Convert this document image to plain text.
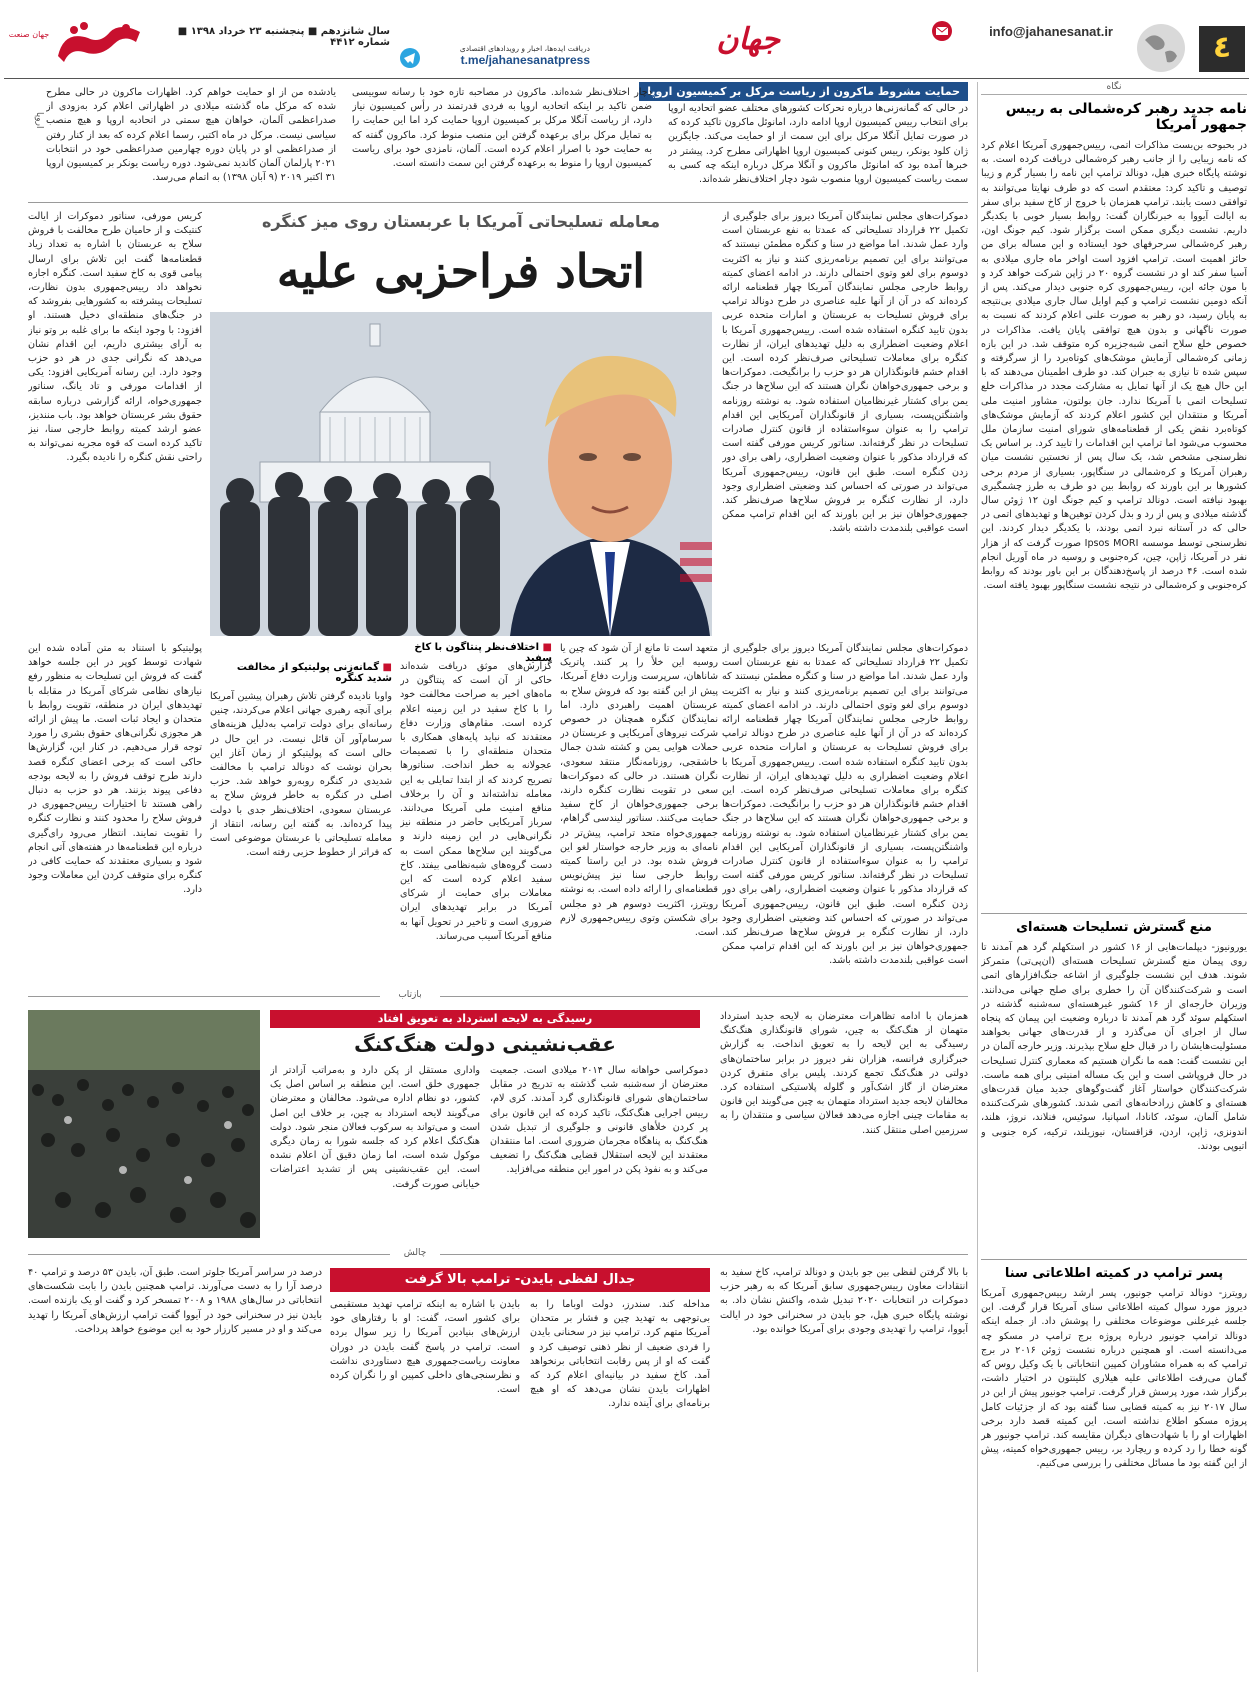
٤
info@jahanesanat.ir
جهان
دریافت ایده‌ها، اخبار و رویدادهای اقتصادی
t.me/jahanesanatpress
سال شانزدهم ■ پنجشنبه ۲۳ خرداد ۱۳۹۸ ■ شماره ۴۴۱۲
جهان صنعت
نگاه
نامه جدید رهبر کره‌شمالی به رییس جمهور آمریکا
در بحبوحه بن‌بست مذاکرات اتمی، رییس‌جمهوری آمریکا اعلام کرد که نامه زیبایی را از جانب رهبر کره‌شمالی دریافت کرده است. به نوشته پایگاه خبری هیل، دونالد ترامپ این نامه را بسیار گرم و زیبا توصیف و تاکید کرد: معتقدم است که دو طرف نهایتا می‌توانند به توافقی دست یابند. ترامپ همزمان با خروج از کاخ سفید برای سفر به ایالت آیووا به خبرنگاران گفت: روابط بسیار خوبی با یکدیگر داریم. نشست دیگری ممکن است برگزار شود. کیم جونگ اون، رهبر کره‌شمالی سرحرفهای خود ایستاده و این مساله برای من حائز اهمیت است. ترامپ افزود است اواخر ماه جاری میلادی به آسیا سفر کند او در نشست گروه ۲۰ در ژاپن شرکت خواهد کرد و با مون جائه این، رییس‌جمهوری کره جنوبی دیدار می‌کند. پس از آنکه دومین نشست ترامپ و کیم اوایل سال جاری میلادی بی‌نتیجه به پایان رسید، دو رهبر به صورت علنی اعلام کردند که نسبت به صورت ناگهانی و بدون هیچ توافقی پایان یافت. مذاکرات در خصوص خلع سلاح اتمی شبه‌جزیره کره متوقف شد. در این بازه زمانی کره‌شمالی آزمایش موشک‌های کوتاه‌برد را از سرگرفته و سپس شده تا نیازی به جبران کند. دو طرف اطمینان می‌دهند که با این حال هیچ یک از آنها تمایل به مشارکت مجدد در مذاکرات خلع تسلیحات اتمی با آمریکا ندارد. جان بولتون، مشاور امنیت ملی آمریکا و منتقدان این کشور اعلام کردند که آزمایش موشک‌های کوتاه‌برد نقض یکی از قطعنامه‌های شورای امنیت سازمان ملل محسوب می‌شود اما ترامپ این اقدامات را تایید کرد. بر اساس یک نظرسنجی مشخص شد، یک سال پس از نخستین نشست میان رهبران آمریکا و کره‌شمالی در سنگاپور، بسیاری از مردم برخی کشورها بر این باورند که روابط بین دو طرف به طرز چشمگیری بهبود نیافته است. دونالد ترامپ و کیم جونگ اون ۱۲ ژوئن سال گذشته میلادی و پس از رد و بدل کردن توهین‌ها و تهدیدهای اتمی در حالی که در آستانه نبرد اتمی بودند، با یکدیگر دیدار کردند. این نظرسنجی توسط موسسه Ipsos MORI صورت گرفت که از هزار نفر در آمریکا، ژاپن، چین، کره‌جنوبی و روسیه در ماه آوریل انجام شده است. ۴۶ درصد از پاسخ‌دهندگان بر این باور بودند که روابط کره‌جنوبی و کره‌شمالی در نتیجه نشست سنگاپور بهبود یافته است.
منع گسترش تسلیحات هسته‌ای
یورونیوز- دیپلمات‌هایی از ۱۶ کشور در استکهلم گرد هم آمدند تا روی پیمان منع گسترش تسلیحات هسته‌ای (ان‌پی‌تی) متمرکز شوند. هدف این نشست جلوگیری از اشاعه جنگ‌افزارهای اتمی است و شرکت‌کنندگان آن را خطری برای صلح جهانی می‌دانند. وزیران خارجه‌ای از ۱۶ کشور غیرهسته‌ای سه‌شنبه گذشته در استکهلم سوئد گرد هم آمدند تا درباره وضعیت این پیمان که پنجاه سال از اجرای آن می‌گذرد و از قدرت‌های جهانی بخواهند مسئولیت‌هایشان را در قبال خلع سلاح بپذیرند. وزیر خارجه آلمان در این نشست گفت: همه ما نگران هستیم که معماری کنترل تسلیحات در حال فروپاشی است و این یک مساله امنیتی برای همه ماست. شرکت‌کنندگان خواستار آغاز گفت‌وگوهای جدید میان قدرت‌های هسته‌ای و کاهش زرادخانه‌های اتمی شدند. کشورهای شرکت‌کننده شامل آلمان، سوئد، کانادا، اسپانیا، سوئیس، فنلاند، نروژ، هلند، اندونزی، ژاپن، اردن، قزاقستان، نیوزیلند، ترکیه، کره جنوبی و اتیوپی بودند.
پسر ترامپ در کمیته اطلاعاتی سنا
رویترز- دونالد ترامپ جونیور، پسر ارشد رییس‌جمهوری آمریکا دیروز مورد سوال کمیته اطلاعاتی سنای آمریکا قرار گرفت. این جلسه غیرعلنی موضوعات مختلفی را پوشش داد. از جمله اینکه دونالد ترامپ جونیور درباره پروژه برج ترامپ در مسکو چه می‌دانسته است. او همچنین درباره نشست ژوئن ۲۰۱۶ در برج ترامپ که به همراه مشاوران کمپین انتخاباتی با یک وکیل روس که گمان می‌رفت اطلاعاتی علیه هیلاری کلینتون در اختیار داشت، برگزار شد، مورد پرسش قرار گرفت. ترامپ جونیور پیش از این در سال ۲۰۱۷ نیز به کمیته قضایی سنا گفته بود که از جزئیات کامل پروژه مسکو اطلاع نداشته است. این کمیته قصد دارد برخی اظهارات او را با شهادت‌های دیگران مقایسه کند. ترامپ جونیور هر گونه خطا را رد کرده و ریچارد بر، رییس جمهوری‌خواه کمیته، پیش از این گفته بود ما مسائل مختلفی را بررسی می‌کنیم.
حمایت مشروط ماکرون از ریاست مرکل بر کمیسیون اروپا
در حالی که گمانه‌زنی‌ها درباره تحرکات کشورهای مختلف عضو اتحادیه اروپا برای انتخاب رییس کمیسیون اروپا ادامه دارد، امانوئل ماکرون تاکید کرده که در صورت تمایل آنگلا مرکل برای این سمت از او حمایت می‌کند. جایگزین ژان کلود یونکر، رییس کنونی کمیسیون اروپا اظهاراتی مطرح کرد. پیشتر در خبرها آمده بود که امانوئل ماکرون و آنگلا مرکل درباره اینکه چه کسی به سمت ریاست کمیسیون اروپا منصوب شود دچار اختلاف‌نظر شده‌اند.
دچار اختلاف‌نظر شده‌اند. ماکرون در مصاحبه تازه خود با رسانه سوییسی ضمن تاکید بر اینکه اتحادیه اروپا به فردی قدرتمند در رأس کمیسیون نیاز دارد، از ریاست آنگلا مرکل بر کمیسیون اروپا حمایت کرد اما این حمایت را به تمایل مرکل برای برعهده گرفتن این منصب منوط کرد. ماکرون گفته که به حمایت خود با اصرار اعلام کرده است. آلمان، نامزدی خود برای ریاست کمیسیون اروپا را منوط به برعهده گرفتن این سمت دانسته است.
یادشده من از او حمایت خواهم کرد. اظهارات ماکرون در حالی مطرح شده که مرکل ماه گذشته میلادی در اظهاراتی اعلام کرد به‌زودی از صدراعظمی آلمان، خواهان هیچ سمتی در اتحادیه اروپا و هیچ منصب سیاسی نیست. مرکل در ماه اکتبر، رسما اعلام کرده که بعد از کنار رفتن از صدراعظمی او در پایان دوره چهارمین صدراعظمی خود در انتخابات ۲۰۲۱ پارلمان آلمان کاندید نمی‌شود. دوره ریاست یونکر بر کمیسیون اروپا ۳۱ اکتبر ۲۰۱۹ (۹ آبان ۱۳۹۸) به اتمام می‌رسد.
اروپا
دموکرات‌های مجلس نمایندگان آمریکا دیروز برای جلوگیری از تکمیل ۲۲ قرارداد تسلیحاتی که عمدتا به نفع عربستان است وارد عمل شدند. اما مواضع در سنا و کنگره مطمئن نیستند که می‌توانند برای این تصمیم برنامه‌ریزی کنند و نیاز به اکثریت دوسوم برای لغو وتوی احتمالی دارند. در ادامه اعضای کمیته روابط خارجی مجلس نمایندگان آمریکا چهار قطعنامه ارائه کرده‌اند که در آن از آنها علیه عناصری در طرح دونالد ترامپ برای فروش تسلیحات به عربستان و امارات متحده عربی بدون تایید کنگره استفاده شده است. رییس‌جمهوری آمریکا با اعلام وضعیت اضطراری به دلیل تهدیدهای ایران، از نظارت کنگره برای معاملات تسلیحاتی صرف‌نظر کرده است. این اقدام خشم قانونگذاران هر دو حزب را برانگیخت. دموکرات‌ها و برخی جمهوری‌خواهان نگران هستند که این سلاح‌ها در جنگ یمن برای کشتار غیرنظامیان استفاده شود. به نوشته روزنامه واشنگتن‌پست، بسیاری از قانونگذاران آمریکایی این اقدام ترامپ را به عنوان سوءاستفاده از قانون کنترل صادرات تسلیحات در نظر گرفته‌اند. سناتور کریس مورفی گفته است که قرارداد مذکور با عنوان وضعیت اضطراری، راهی برای دور زدن کنگره است. طبق این قانون، رییس‌جمهوری آمریکا می‌تواند در صورتی که احساس کند وضعیتی اضطراری وجود دارد، از نظارت کنگره بر فروش سلاح‌ها صرف‌نظر کند. جمهوری‌خواهان نیز بر این باورند که این اقدام ترامپ ممکن است عواقبی بلندمدت داشته باشد.
معامله تسلیحاتی آمریکا با عربستان روی میز کنگره
اتحاد فراحزبی علیه
کریس مورفی، سناتور دموکرات از ایالت کنتیکت و از حامیان طرح مخالفت با فروش سلاح به عربستان با اشاره به تعداد زیاد قطعنامه‌ها گفت این تلاش برای ارسال پیامی قوی به کاخ سفید است. کنگره اجازه نخواهد داد رییس‌جمهوری بدون نظارت، تسلیحات پیشرفته به کشورهایی بفروشد که در جنگ‌های منطقه‌ای دخیل هستند. او افزود: با وجود اینکه ما برای غلبه بر وتو نیاز به آرای بیشتری داریم، این اقدام نشان می‌دهد که نگرانی جدی در هر دو حزب وجود دارد. این رسانه آمریکایی افزود: یکی از اقدامات مورفی و تاد یانگ، سناتور جمهوری‌خواه، ارائه گزارشی درباره سابقه حقوق بشر عربستان خواهد بود. باب مننديز، عضو ارشد کمیته روابط خارجی سنا، نیز تاکید کرده است که قوه مجریه نمی‌تواند به راحتی نقش کنگره را نادیده بگیرد.
متعهد است تا مانع از آن شود که چین یا روسیه این خلأ را پر کنند. پاتریک شاناهان، سرپرست وزارت دفاع آمریکا، پیش از این گفته بود که فروش سلاح به عربستان اهمیت راهبردی دارد. اما نمایندگان کنگره همچنان در خصوص شرکت نیروهای آمریکایی و عربستان در حملات هوایی یمن و کشته شدن جمال خاشقجی، روزنامه‌نگار منتقد سعودی، نگران هستند. در حالی که دموکرات‌ها سعی در تقویت نظارت کنگره دارند، برخی جمهوری‌خواهان از کاخ سفید حمایت می‌کنند. سناتور لیندسی گراهام، جمهوری‌خواه متحد ترامپ، پیش‌تر در نامه‌ای به وزیر خارجه خواستار لغو این فروش شده بود. در این راستا کمیته روابط خارجی سنا نیز پیش‌نویس قطعنامه‌ای را ارائه داده است. به نوشته رویترز، اکثریت دوسوم هر دو مجلس برای شکستن وتوی رییس‌جمهوری لازم است.
■ اختلاف‌نظر پنتاگون با کاخ سفید
گزارش‌های موثق دریافت شده‌اند حاکی از آن است که پنتاگون در ماه‌های اخیر به صراحت مخالفت خود را با کاخ سفید در این زمینه اعلام کرده است. مقام‌های وزارت دفاع معتقدند که نباید پایه‌های همکاری با متحدان منطقه‌ای را با تصمیمات عجولانه به خطر انداخت. سناتورها تصریح کردند که از ابتدا تمایلی به این معامله نداشته‌اند و آن را برخلاف منافع امنیت ملی آمریکا می‌دانند. سرباز آمریکایی حاضر در منطقه نیز نگرانی‌هایی در این زمینه دارند و می‌گویند این سلاح‌ها ممکن است به دست گروه‌های شبه‌نظامی بیفتد. کاخ سفید اعلام کرده است که این معاملات برای حمایت از شرکای آمریکا در برابر تهدیدهای ایران ضروری است و تاخیر در تحویل آنها به منافع آمریکا آسیب می‌رساند.
■ گمانه‌زنی پولیتیکو از مخالفت شدید کنگره
واوبا نادیده گرفتن تلاش رهبران پیشین آمریکا برای آنچه رهبری جهانی اعلام می‌کردند، چنین رسانه‌ای برای دولت ترامپ به‌دلیل هزینه‌های سرسام‌آور آن قائل نیست. در این حال در حالی است که پولیتیکو از زمان آغاز این بحران نوشت که دونالد ترامپ با مخالفت شدیدی در کنگره روبه‌رو خواهد شد. حزب اصلی در کنگره به خاطر فروش سلاح به عربستان سعودی، اختلاف‌نظر جدی با دولت پیدا کرده‌اند. به گفته این رسانه، انتقاد از معامله تسلیحاتی با عربستان موضوعی است که فراتر از خطوط حزبی رفته است.
پولیتیکو با استناد به متن آماده شده این شهادت توسط کوپر در این جلسه خواهد گفت که فروش این تسلیحات به منظور رفع نیازهای نظامی شرکای آمریکا در مقابله با تهدیدهای ایران در منطقه، تقویت روابط با متحدان و ایجاد ثبات است. ما پیش از ارائه هر مجوزی نگرانی‌های حقوق بشری را مورد توجه قرار می‌دهیم. در کنار این، گزارش‌ها حاکی است که برخی اعضای کنگره قصد دارند طرح توقف فروش را به لایحه بودجه دفاعی پیوند بزنند. هر دو حزب به دنبال راهی هستند تا اختیارات رییس‌جمهوری در فروش سلاح را محدود کنند و نظارت کنگره را تقویت نمایند. انتظار می‌رود رای‌گیری درباره این قطعنامه‌ها در هفته‌های آتی انجام شود و بسیاری معتقدند که حمایت کافی در کنگره برای متوقف کردن این معاملات وجود دارد.
دموکرات‌های مجلس نمایندگان آمریکا دیروز برای جلوگیری از تکمیل ۲۲ قرارداد تسلیحاتی که عمدتا به نفع عربستان است وارد عمل شدند. اما مواضع در سنا و کنگره مطمئن نیستند که می‌توانند برای این تصمیم برنامه‌ریزی کنند و نیاز به اکثریت دوسوم برای لغو وتوی احتمالی دارند. در ادامه اعضای کمیته روابط خارجی مجلس نمایندگان آمریکا چهار قطعنامه ارائه کرده‌اند که در آن از آنها علیه عناصری در طرح دونالد ترامپ برای فروش تسلیحات به عربستان و امارات متحده عربی بدون تایید کنگره استفاده شده است. رییس‌جمهوری آمریکا با اعلام وضعیت اضطراری به دلیل تهدیدهای ایران، از نظارت کنگره برای معاملات تسلیحاتی صرف‌نظر کرده است. این اقدام خشم قانونگذاران هر دو حزب را برانگیخت. دموکرات‌ها و برخی جمهوری‌خواهان نگران هستند که این سلاح‌ها در جنگ یمن برای کشتار غیرنظامیان استفاده شود. به نوشته روزنامه واشنگتن‌پست، بسیاری از قانونگذاران آمریکایی این اقدام ترامپ را به عنوان سوءاستفاده از قانون کنترل صادرات تسلیحات در نظر گرفته‌اند. سناتور کریس مورفی گفته است که قرارداد مذکور با عنوان وضعیت اضطراری، راهی برای دور زدن کنگره است. طبق این قانون، رییس‌جمهوری آمریکا می‌تواند در صورتی که احساس کند وضعیتی اضطراری وجود دارد، از نظارت کنگره بر فروش سلاح‌ها صرف‌نظر کند. جمهوری‌خواهان نیز بر این باورند که این اقدام ترامپ ممکن است عواقبی بلندمدت داشته باشد.
بازتاب
رسیدگی به لایحه استرداد به تعویق افتاد
عقب‌نشینی دولت هنگ‌کنگ
همزمان با ادامه تظاهرات معترضان به لایحه جدید استرداد متهمان از هنگ‌کنگ به چین، شورای قانونگذاری هنگ‌کنگ رسیدگی به این لایحه را به تعویق انداخت. به گزارش خبرگزاری فرانسه، هزاران نفر دیروز در برابر ساختمان‌های دولتی در هنگ‌کنگ تجمع کردند. پلیس برای متفرق کردن معترضان از گاز اشک‌آور و گلوله پلاستیکی استفاده کرد. مخالفان لایحه جدید استرداد متهمان به چین می‌گویند این قانون به مقامات چینی اجازه می‌دهد فعالان سیاسی و منتقدان را به سرزمین اصلی منتقل کنند.
دموکراسی خواهانه سال ۲۰۱۴ میلادی است. جمعیت معترضان از سه‌شنبه شب گذشته به تدریج در مقابل ساختمان‌های شورای قانونگذاری گرد آمدند. کری لام، رییس اجرایی هنگ‌کنگ، تاکید کرده که این قانون برای پر کردن خلأهای قانونی و جلوگیری از تبدیل شدن هنگ‌کنگ به پناهگاه مجرمان ضروری است. اما منتقدان معتقدند این لایحه استقلال قضایی هنگ‌کنگ را تضعیف می‌کند و به نفوذ پکن در امور این منطقه می‌افزاید.
واداری مستقل از پکن دارد و به‌مراتب آزادتر از جمهوری خلق است. این منطقه بر اساس اصل یک کشور، دو نظام اداره می‌شود. مخالفان و معترضان می‌گویند لایحه استرداد به چین، بر خلاف این اصل است و می‌تواند به سرکوب فعالان منجر شود. دولت هنگ‌کنگ اعلام کرد که جلسه شورا به زمان دیگری موکول شده است، اما زمان دقیق آن اعلام نشده است. این عقب‌نشینی پس از تشدید اعتراضات خیابانی صورت گرفت.
چالش
با بالا گرفتن لفظی بین جو بایدن و دونالد ترامپ، کاخ سفید به انتقادات معاون رییس‌جمهوری سابق آمریکا که به رهبر حزب دموکرات در انتخابات ۲۰۲۰ تبدیل شده، واکنش نشان داد. به نوشته پایگاه خبری هیل، جو بایدن در سخنرانی خود در ایالت آیووا، ترامپ را تهدیدی وجودی برای آمریکا خوانده بود.
جدال لفظی بایدن- ترامپ بالا گرفت
مداخله کند. سندرز، دولت اوباما را به بی‌توجهی به تهدید چین و فشار بر متحدان آمریکا متهم کرد. ترامپ نیز در سخنانی بایدن را فردی ضعیف از نظر ذهنی توصیف کرد و گفت که او از پس رقابت انتخاباتی برنخواهد آمد. کاخ سفید در بیانیه‌ای اعلام کرد که اظهارات بایدن نشان می‌دهد که او هیچ برنامه‌ای برای آینده ندارد.
بایدن با اشاره به اینکه ترامپ تهدید مستقیمی برای کشور است، گفت: او با رفتارهای خود ارزش‌های بنیادین آمریکا را زیر سوال برده است. ترامپ در پاسخ گفت بایدن در دوران معاونت ریاست‌جمهوری هیچ دستاوردی نداشت و نظرسنجی‌های داخلی کمپین او را نگران کرده است.
درصد در سراسر آمریکا جلوتر است. طبق آن، بایدن ۵۳ درصد و ترامپ ۴۰ درصد آرا را به دست می‌آورند. ترامپ همچنین بایدن را بابت شکست‌های انتخاباتی در سال‌های ۱۹۸۸ و ۲۰۰۸ تمسخر کرد و گفت او یک بازنده است. بایدن نیز در سخنرانی خود در آیووا گفت ترامپ ارزش‌های آمریکا را تهدید می‌کند و او در مسیر کارزار خود به این موضوع خواهد پرداخت.
